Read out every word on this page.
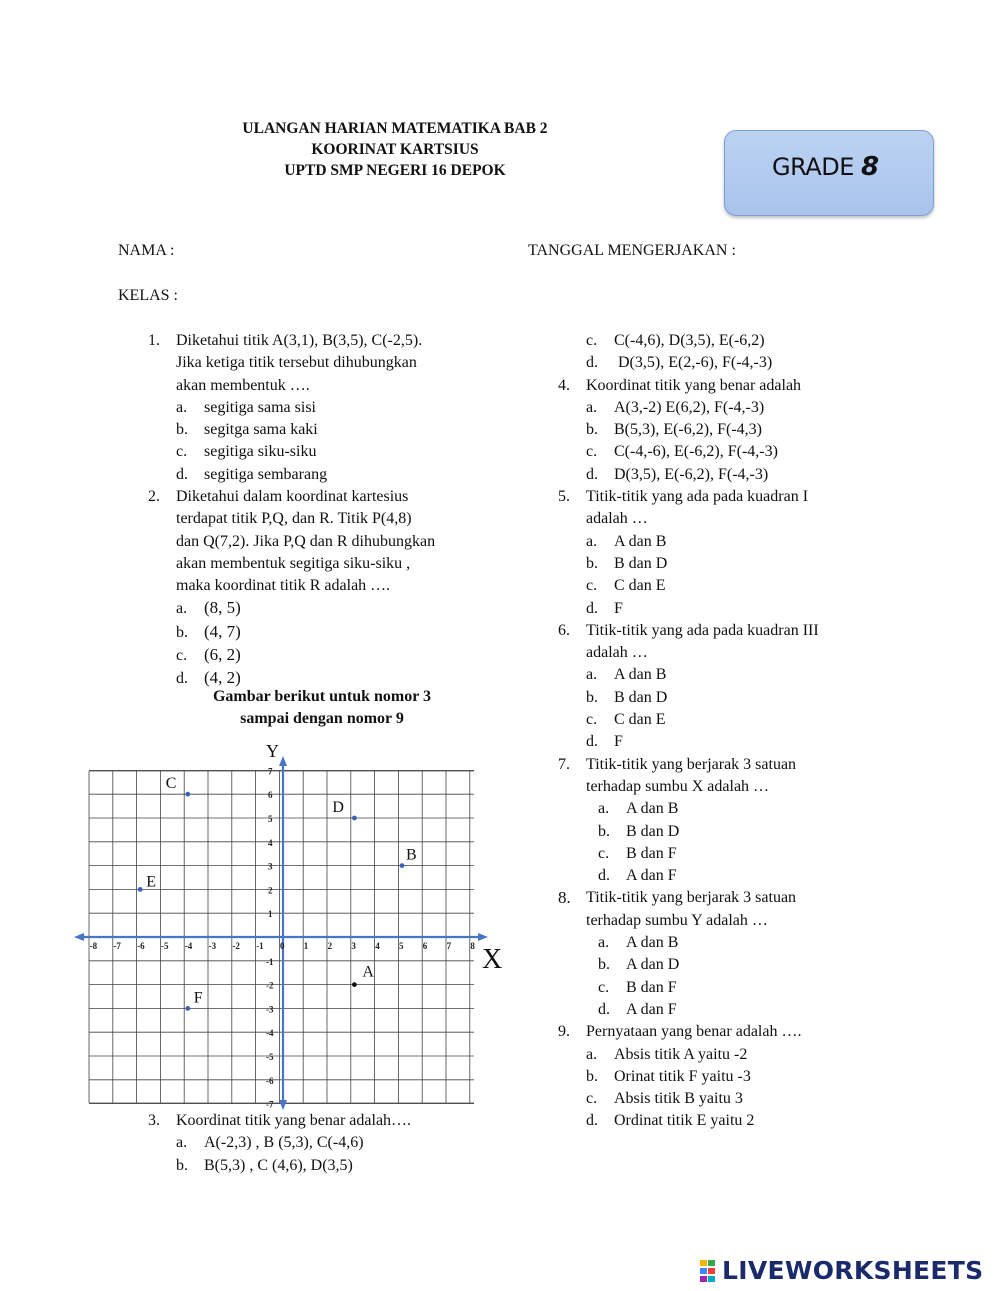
ULANGAN HARIAN MATEMATIKA BAB 2
KOORINAT KARTSIUS
UPTD SMP NEGERI 16 DEPOK	GRADE 8
NAMA :	TANGGAL MENGERJAKAN :
KELAS :
1. Diketahui titik A(3,1), B(3,5), C(-2,5).
Jika ketiga titik tersebut dihubungkan
akan membentuk ….
a. segitiga sama sisi
b. segitga sama kaki
c. segitiga siku-siku
d. segitiga sembarang
2. Diketahui dalam koordinat kartesius
terdapat titik P,Q, dan R. Titik P(4,8)
dan Q(7,2). Jika P,Q dan R dihubungkan
akan membentuk segitiga siku-siku ,
maka koordinat titik R adalah ….
a. (8, 5)
b. (4, 7)
c. (6, 2)
d. (4, 2)
Gambar berikut untuk nomor 3
sampai dengan nomor 9
X
Y
-8 -7 -6 -5 -4 -3 -2 -1 0 1 2 3 4 5 6 7 8
7
6
5
4
3
2
1
-1
-2
-3
-4
-5
-6
-7
C
D
B
E
A
F
3. Koordinat titik yang benar adalah….
a. A(-2,3) , B (5,3), C(-4,6)
b. B(5,3) , C (4,6), D(3,5)
c. C(-4,6), D(3,5), E(-6,2)
d. D(3,5), E(2,-6), F(-4,-3)
4. Koordinat titik yang benar adalah
a. A(3,-2) E(6,2), F(-4,-3)
b. B(5,3), E(-6,2), F(-4,3)
c. C(-4,-6), E(-6,2), F(-4,-3)
d. D(3,5), E(-6,2), F(-4,-3)
5. Titik-titik yang ada pada kuadran I
adalah …
a. A dan B
b. B dan D
c. C dan E
d. F
6. Titik-titik yang ada pada kuadran III
adalah …
a. A dan B
b. B dan D
c. C dan E
d. F
7. Titik-titik yang berjarak 3 satuan
terhadap sumbu X adalah …
a. A dan B
b. B dan D
c. B dan F
d. A dan F
8. Titik-titik yang berjarak 3 satuan
terhadap sumbu Y adalah …
a. A dan B
b. A dan D
c. B dan F
d. A dan F
9. Pernyataan yang benar adalah ….
a. Absis titik A yaitu -2
b. Orinat titik F yaitu -3
c. Absis titik B yaitu 3
d. Ordinat titik E yaitu 2
LIVEWORKSHEETS
